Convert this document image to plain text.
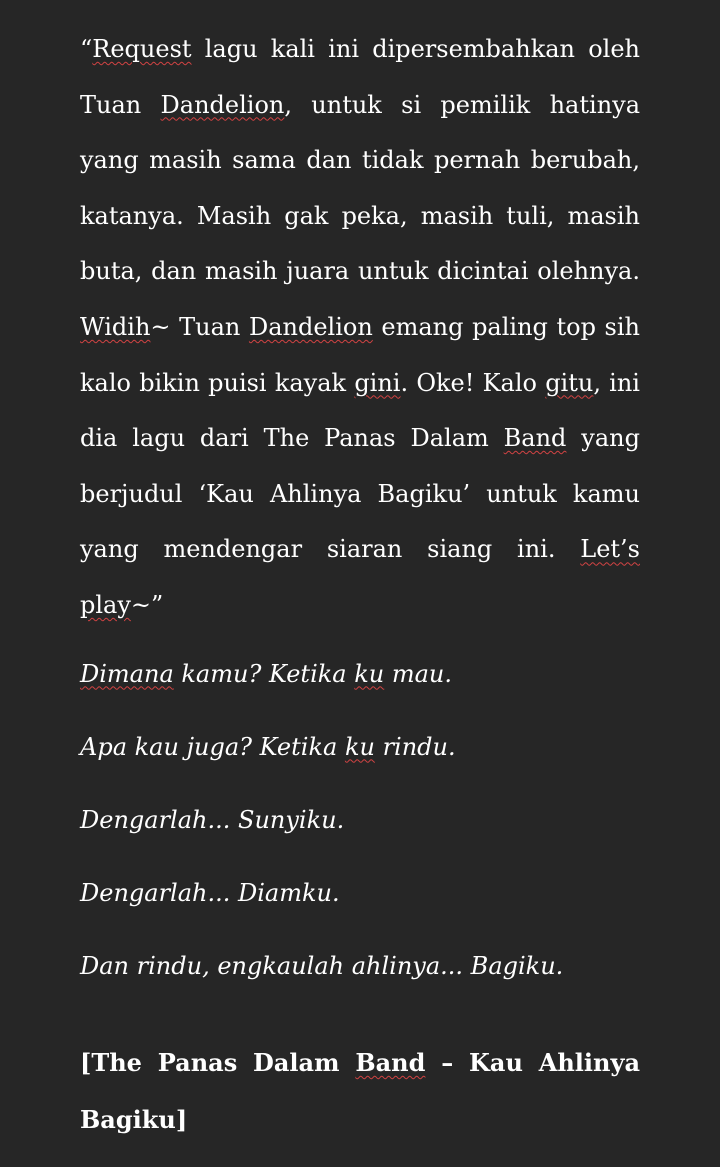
“Request lagu kali ini dipersembahkan oleh Tuan Dandelion, untuk si pemilik hatinya yang masih sama dan tidak pernah berubah, katanya. Masih gak peka, masih tuli, masih buta, dan masih juara untuk dicintai olehnya. Widih~ Tuan Dandelion emang paling top sih kalo bikin puisi kayak gini. Oke! Kalo gitu, ini dia lagu dari The Panas Dalam Band yang berjudul ‘Kau Ahlinya Bagiku’ untuk kamu yang mendengar siaran siang ini. Let’s play~”

Dimana kamu? Ketika ku mau.

Apa kau juga? Ketika ku rindu.

Dengarlah... Sunyiku.

Dengarlah... Diamku.

Dan rindu, engkaulah ahlinya... Bagiku.

[The Panas Dalam Band – Kau Ahlinya Bagiku]
